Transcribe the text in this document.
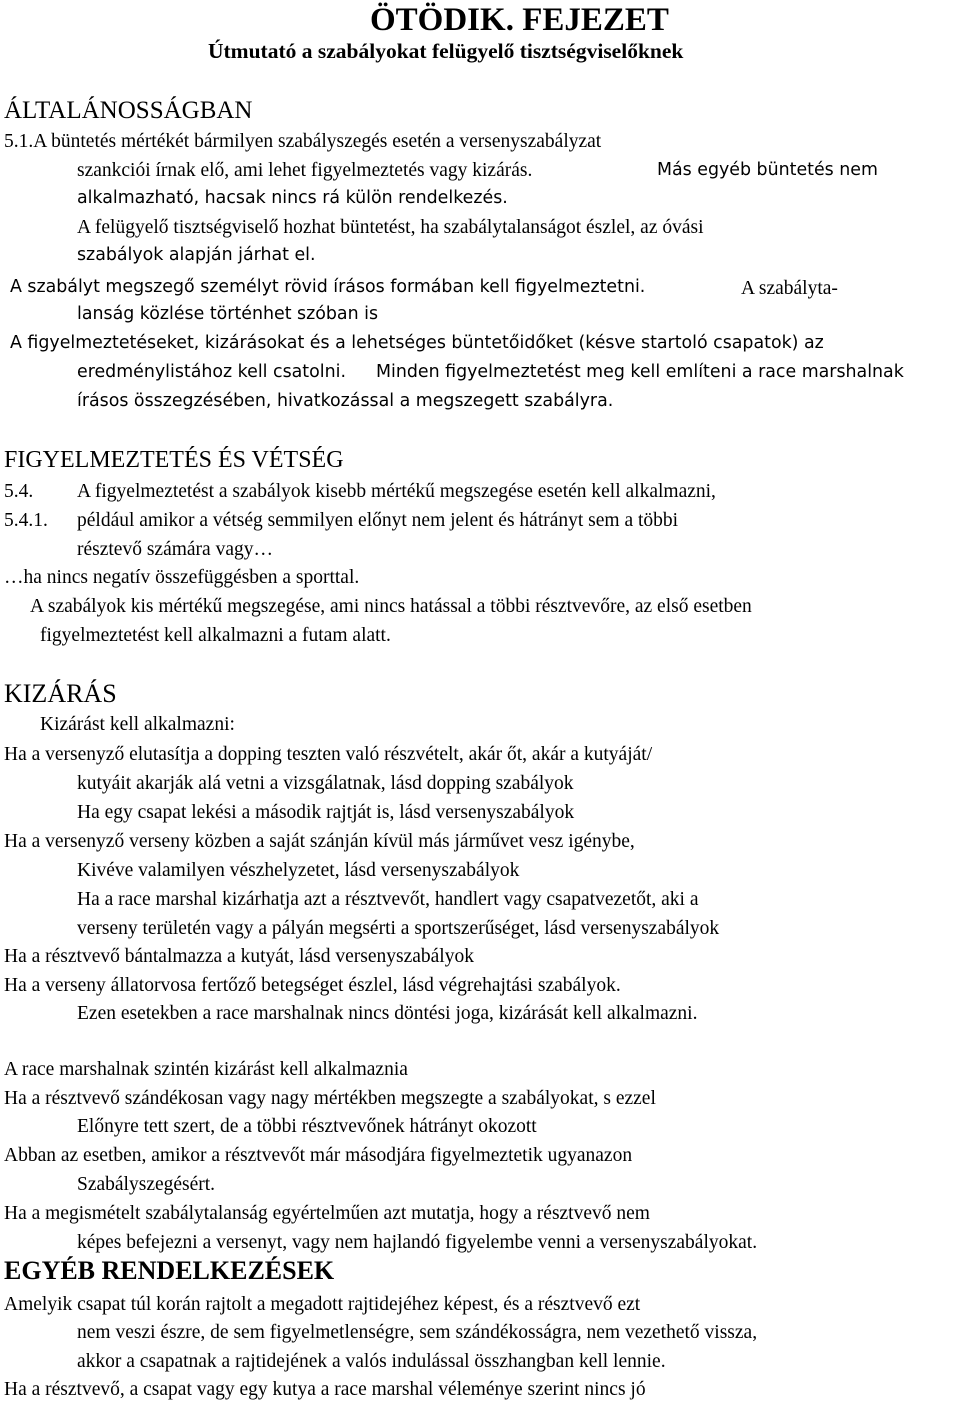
ÖTÖDIK. FEJEZET
Útmutató a szabályokat felügyelő tisztségviselőknek
ÁLTALÁNOSSÁGBAN
5.1.A büntetés mértékét bármilyen szabályszegés esetén a versenyszabályzat
szankciói írnak elő, ami lehet figyelmeztetés vagy kizárás.	Más egyéb büntetés nem
alkalmazható, hacsak nincs rá külön rendelkezés.
A felügyelő tisztségviselő hozhat büntetést, ha szabálytalanságot észlel, az óvási
szabályok alapján járhat el.
A szabályt megszegő személyt rövid írásos formában kell figyelmeztetni.	A szabályta-
lanság közlése történhet szóban is
A figyelmeztetéseket, kizárásokat és a lehetséges büntetőidőket (késve startoló csapatok) az
eredménylistához kell csatolni. Minden figyelmeztetést meg kell említeni a race marshalnak
írásos összegzésében, hivatkozással a megszegett szabályra.
FIGYELMEZTETÉS ÉS VÉTSÉG
5.4. A figyelmeztetést a szabályok kisebb mértékű megszegése esetén kell alkalmazni,
5.4.1. például amikor a vétség semmilyen előnyt nem jelent és hátrányt sem a többi
résztevő számára vagy…
…ha nincs negatív összefüggésben a sporttal.
A szabályok kis mértékű megszegése, ami nincs hatással a többi résztvevőre, az első esetben
figyelmeztetést kell alkalmazni a futam alatt.
KIZÁRÁS
Kizárást kell alkalmazni:
Ha a versenyző elutasítja a dopping teszten való részvételt, akár őt, akár a kutyáját/
kutyáit akarják alá vetni a vizsgálatnak, lásd dopping szabályok
Ha egy csapat lekési a második rajtját is, lásd versenyszabályok
Ha a versenyző verseny közben a saját szánján kívül más járművet vesz igénybe,
Kivéve valamilyen vészhelyzetet, lásd versenyszabályok
Ha a race marshal kizárhatja azt a résztvevőt, handlert vagy csapatvezetőt, aki a
verseny területén vagy a pályán megsérti a sportszerűséget, lásd versenyszabályok
Ha a résztvevő bántalmazza a kutyát, lásd versenyszabályok
Ha a verseny állatorvosa fertőző betegséget észlel, lásd végrehajtási szabályok.
Ezen esetekben a race marshalnak nincs döntési joga, kizárását kell alkalmazni.
A race marshalnak szintén kizárást kell alkalmaznia
Ha a résztvevő szándékosan vagy nagy mértékben megszegte a szabályokat, s ezzel
Előnyre tett szert, de a többi résztvevőnek hátrányt okozott
Abban az esetben, amikor a résztvevőt már másodjára figyelmeztetik ugyanazon
Szabályszegésért.
Ha a megismételt szabálytalanság egyértelműen azt mutatja, hogy a résztvevő nem
képes befejezni a versenyt, vagy nem hajlandó figyelembe venni a versenyszabályokat.
EGYÉB RENDELKEZÉSEK
Amelyik csapat túl korán rajtolt a megadott rajtidejéhez képest, és a résztvevő ezt
nem veszi észre, de sem figyelmetlenségre, sem szándékosságra, nem vezethető vissza,
akkor a csapatnak a rajtidejének a valós indulással összhangban kell lennie.
Ha a résztvevő, a csapat vagy egy kutya a race marshal véleménye szerint nincs jó
